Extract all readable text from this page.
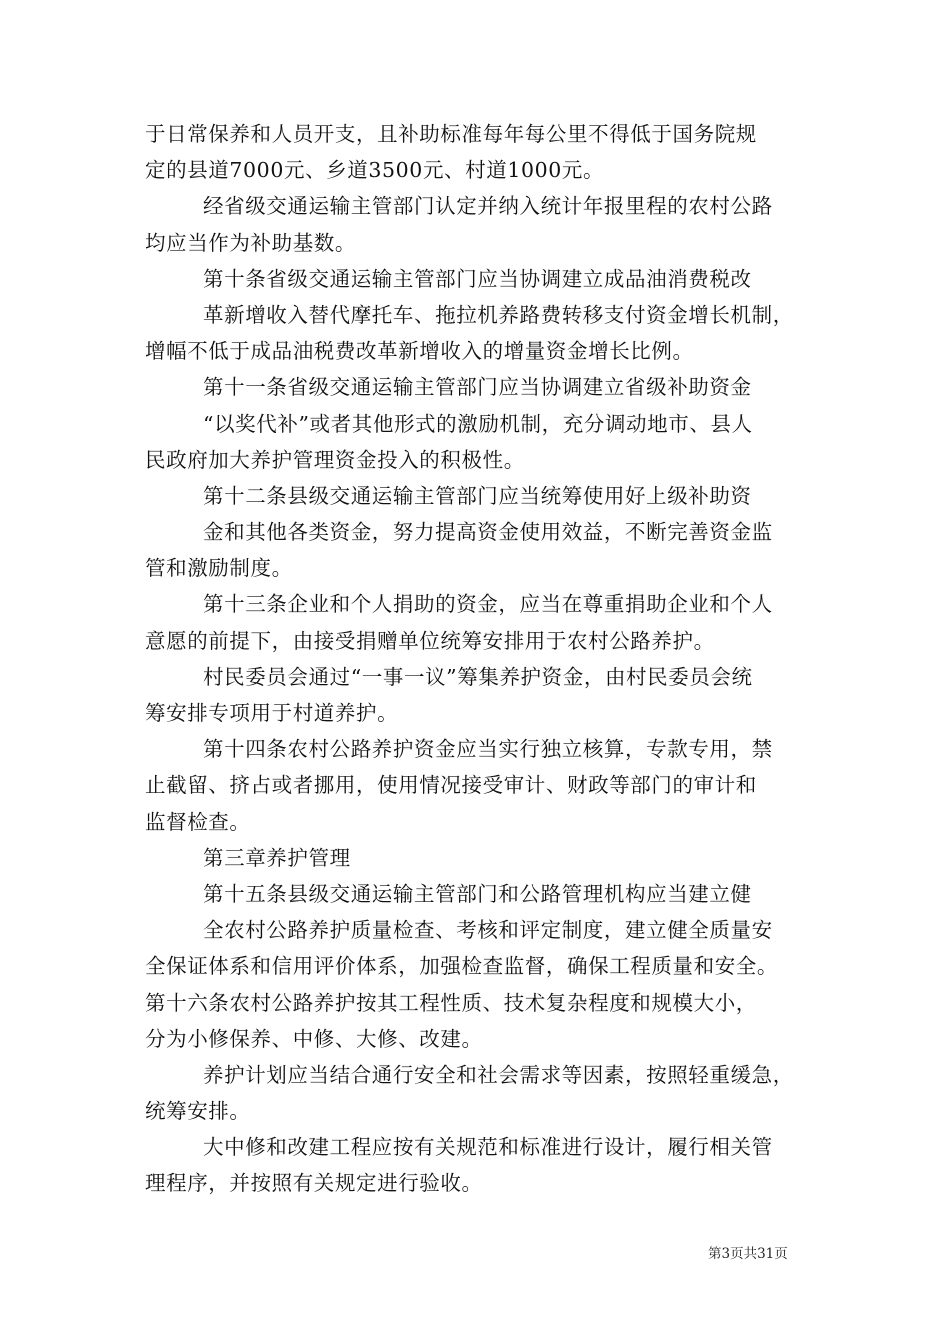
于日常保养和人员开支，且补助标准每年每公里不得低于国务院规
定的县道7000元、乡道3500元、村道1000元。
经省级交通运输主管部门认定并纳入统计年报里程的农村公路
均应当作为补助基数。
第十条省级交通运输主管部门应当协调建立成品油消费税改
革新增收入替代摩托车、拖拉机养路费转移支付资金增长机制，
增幅不低于成品油税费改革新增收入的增量资金增长比例。
第十一条省级交通运输主管部门应当协调建立省级补助资金
“以奖代补”或者其他形式的激励机制，充分调动地市、县人
民政府加大养护管理资金投入的积极性。
第十二条县级交通运输主管部门应当统筹使用好上级补助资
金和其他各类资金，努力提高资金使用效益，不断完善资金监
管和激励制度。
第十三条企业和个人捐助的资金，应当在尊重捐助企业和个人
意愿的前提下，由接受捐赠单位统筹安排用于农村公路养护。
村民委员会通过“一事一议”筹集养护资金，由村民委员会统
筹安排专项用于村道养护。
第十四条农村公路养护资金应当实行独立核算，专款专用，禁
止截留、挤占或者挪用，使用情况接受审计、财政等部门的审计和
监督检查。
第三章养护管理
第十五条县级交通运输主管部门和公路管理机构应当建立健
全农村公路养护质量检查、考核和评定制度，建立健全质量安
全保证体系和信用评价体系，加强检查监督，确保工程质量和安全。
第十六条农村公路养护按其工程性质、技术复杂程度和规模大小，
分为小修保养、中修、大修、改建。
养护计划应当结合通行安全和社会需求等因素，按照轻重缓急，
统筹安排。
大中修和改建工程应按有关规范和标准进行设计，履行相关管
理程序，并按照有关规定进行验收。
第3页共31页
